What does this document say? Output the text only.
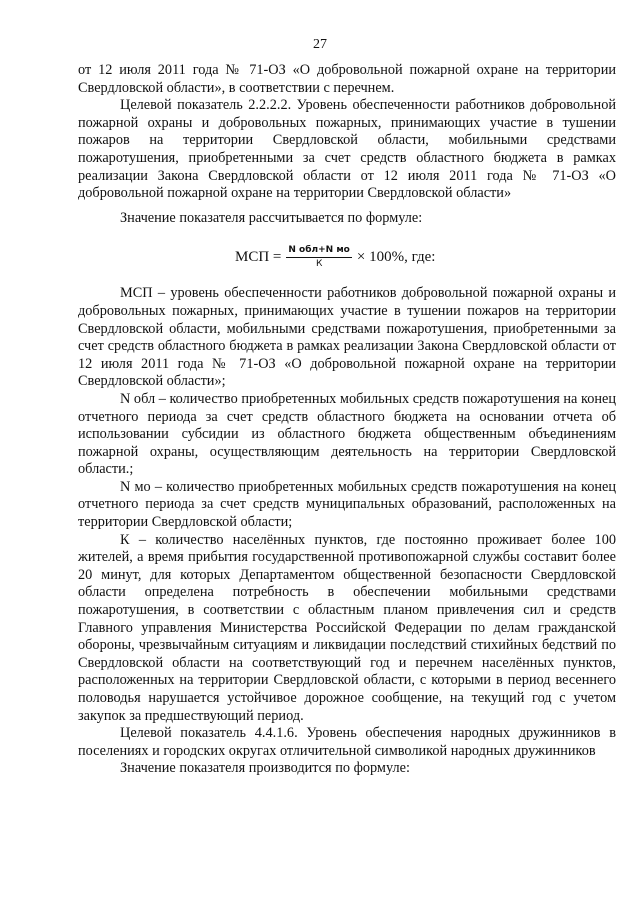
27

от 12 июля 2011 года № 71-ОЗ «О добровольной пожарной охране на территории Свердловской области», в соответствии с перечнем.

Целевой показатель 2.2.2.2. Уровень обеспеченности работников добровольной пожарной охраны и добровольных пожарных, принимающих участие в тушении пожаров на территории Свердловской области, мобильными средствами пожаротушения, приобретенными за счет средств областного бюджета в рамках реализации Закона Свердловской области от 12 июля 2011 года № 71-ОЗ «О добровольной пожарной охране на территории Свердловской области»

Значение показателя рассчитывается по формуле:

МСП = $\frac{\text{N обл+N мо}}{К} \times 100\%$, где:

МСП – уровень обеспеченности работников добровольной пожарной охраны и добровольных пожарных, принимающих участие в тушении пожаров на территории Свердловской области, мобильными средствами пожаротушения, приобретенными за счет средств областного бюджета в рамках реализации Закона Свердловской области от 12 июля 2011 года № 71-ОЗ «О добровольной пожарной охране на территории Свердловской области»;

N обл – количество приобретенных мобильных средств пожаротушения на конец отчетного периода за счет средств областного бюджета на основании отчета об использовании субсидии из областного бюджета общественным объединениям пожарной охраны, осуществляющим деятельность на территории Свердловской области.;

N мо – количество приобретенных мобильных средств пожаротушения на конец отчетного периода за счет средств муниципальных образований, расположенных на территории Свердловской области;

К – количество населённых пунктов, где постоянно проживает более 100 жителей, а время прибытия государственной противопожарной службы составит более 20 минут, для которых Департаментом общественной безопасности Свердловской области определена потребность в обеспечении мобильными средствами пожаротушения, в соответствии с областным планом привлечения сил и средств Главного управления Министерства Российской Федерации по делам гражданской обороны, чрезвычайным ситуациям и ликвидации последствий стихийных бедствий по Свердловской области на соответствующий год и перечнем населённых пунктов, расположенных на территории Свердловской области, с которыми в период весеннего половодья нарушается устойчивое дорожное сообщение, на текущий год с учетом закупок за предшествующий период.

Целевой показатель 4.4.1.6. Уровень обеспечения народных дружинников в поселениях и городских округах отличительной символикой народных дружинников

Значение показателя производится по формуле:
